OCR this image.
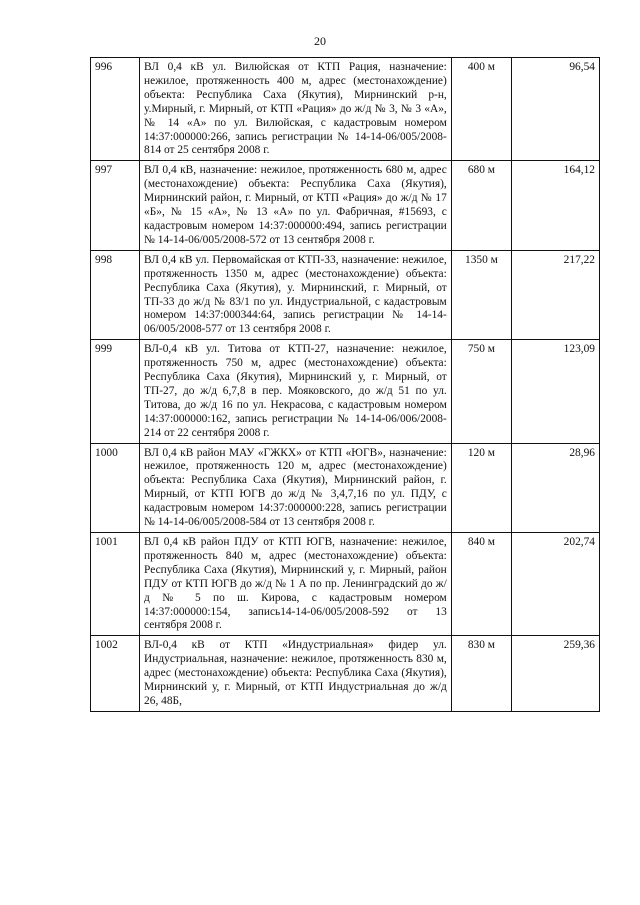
20
996	ВЛ 0,4 кВ ул. Вилюйская от КТП Рация, назначение: нежилое, протяженность 400 м, адрес (местонахождение) объекта: Республика Саха (Якутия), Мирнинский р-н, у.Мирный, г. Мирный, от КТП «Рация» до ж/д № 3, № 3 «А», № 14 «А» по ул. Вилюйская, с кадастровым номером 14:37:000000:266, запись регистрации № 14-14-06/005/2008-814 от 25 сентября 2008 г.	400 м	96,54
997	ВЛ 0,4 кВ, назначение: нежилое, протяженность 680 м, адрес (местонахождение) объекта: Республика Саха (Якутия), Мирнинский район, г. Мирный, от КТП «Рация» до ж/д № 17 «Б», № 15 «А», № 13 «А» по ул. Фабричная, #15693, с кадастровым номером 14:37:000000:494, запись регистрации № 14-14-06/005/2008-572 от 13 сентября 2008 г.	680 м	164,12
998	ВЛ 0,4 кВ ул. Первомайская от КТП-33, назначение: нежилое, протяженность 1350 м, адрес (местонахождение) объекта: Республика Саха (Якутия), у. Мирнинский, г. Мирный, от ТП-33 до ж/д № 83/1 по ул. Индустриальной, с кадастровым номером 14:37:000344:64, запись регистрации № 14-14-06/005/2008-577 от 13 сентября 2008 г.	1350 м	217,22
999	ВЛ-0,4 кВ ул. Титова от КТП-27, назначение: нежилое, протяженность 750 м, адрес (местонахождение) объекта: Республика Саха (Якутия), Мирнинский у, г. Мирный, от ТП-27, до ж/д 6,7,8 в пер. Мояковского, до ж/д 51 по ул. Титова, до ж/д 16 по ул. Некрасова, с кадастровым номером 14:37:000000:162, запись регистрации № 14-14-06/006/2008-214 от 22 сентября 2008 г.	750 м	123,09
1000	ВЛ 0,4 кВ район МАУ «ГЖКХ» от КТП «ЮГВ», назначение: нежилое, протяженность 120 м, адрес (местонахождение) объекта: Республика Саха (Якутия), Мирнинский район, г. Мирный, от КТП ЮГВ до ж/д № 3,4,7,16 по ул. ПДУ, с кадастровым номером 14:37:000000:228, запись регистрации № 14-14-06/005/2008-584 от 13 сентября 2008 г.	120 м	28,96
1001	ВЛ 0,4 кВ район ПДУ от КТП ЮГВ, назначение: нежилое, протяженность 840 м, адрес (местонахождение) объекта: Республика Саха (Якутия), Мирнинский у, г. Мирный, район ПДУ от КТП ЮГВ до ж/д № 1 А по пр. Ленинградский до ж/д № 5 по ш. Кирова, с кадастровым номером 14:37:000000:154, запись14-14-06/005/2008-592 от 13 сентября 2008 г.	840 м	202,74
1002	ВЛ-0,4 кВ от КТП «Индустриальная» фидер ул. Индустриальная, назначение: нежилое, протяженность 830 м, адрес (местонахождение) объекта: Республика Саха (Якутия), Мирнинский у, г. Мирный, от КТП Индустриальная до ж/д 26, 48Б,	830 м	259,36
